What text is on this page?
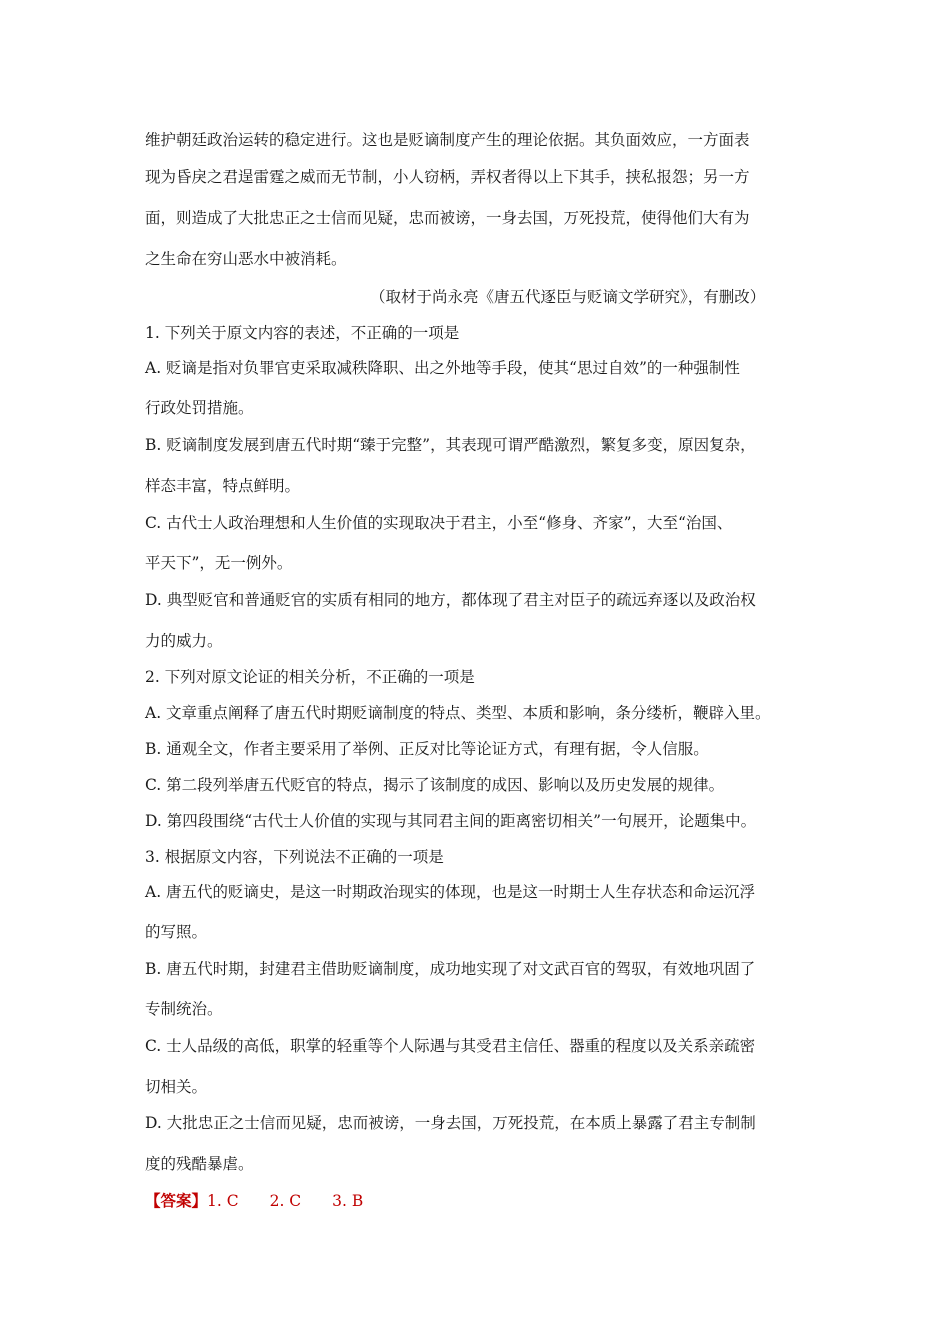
维护朝廷政治运转的稳定进行。这也是贬谪制度产生的理论依据。其负面效应，一方面表
现为昏戾之君逞雷霆之威而无节制，小人窃柄，弄权者得以上下其手，挟私报怨；另一方
面，则造成了大批忠正之士信而见疑，忠而被谤，一身去国，万死投荒，使得他们大有为
之生命在穷山恶水中被消耗。
（取材于尚永亮《唐五代逐臣与贬谪文学研究》，有删改）
1. 下列关于原文内容的表述，不正确的一项是
A. 贬谪是指对负罪官吏采取减秩降职、出之外地等手段，使其“思过自效”的一种强制性
行政处罚措施。
B. 贬谪制度发展到唐五代时期“臻于完整”，其表现可谓严酷激烈，繁复多变，原因复杂，
样态丰富，特点鲜明。
C. 古代士人政治理想和人生价值的实现取决于君主，小至“修身、齐家”，大至“治国、
平天下”，无一例外。
D. 典型贬官和普通贬官的实质有相同的地方，都体现了君主对臣子的疏远弃逐以及政治权
力的威力。
2. 下列对原文论证的相关分析，不正确的一项是
A. 文章重点阐释了唐五代时期贬谪制度的特点、类型、本质和影响，条分缕析，鞭辟入里。
B. 通观全文，作者主要采用了举例、正反对比等论证方式，有理有据，令人信服。
C. 第二段列举唐五代贬官的特点，揭示了该制度的成因、影响以及历史发展的规律。
D. 第四段围绕“古代士人价值的实现与其同君主间的距离密切相关”一句展开，论题集中。
3. 根据原文内容，下列说法不正确的一项是
A. 唐五代的贬谪史，是这一时期政治现实的体现，也是这一时期士人生存状态和命运沉浮
的写照。
B. 唐五代时期，封建君主借助贬谪制度，成功地实现了对文武百官的驾驭，有效地巩固了
专制统治。
C. 士人品级的高低，职掌的轻重等个人际遇与其受君主信任、器重的程度以及关系亲疏密
切相关。
D. 大批忠正之士信而见疑，忠而被谤，一身去国，万死投荒，在本质上暴露了君主专制制
度的残酷暴虐。
【答案】1. C　　2. C　　3. B
